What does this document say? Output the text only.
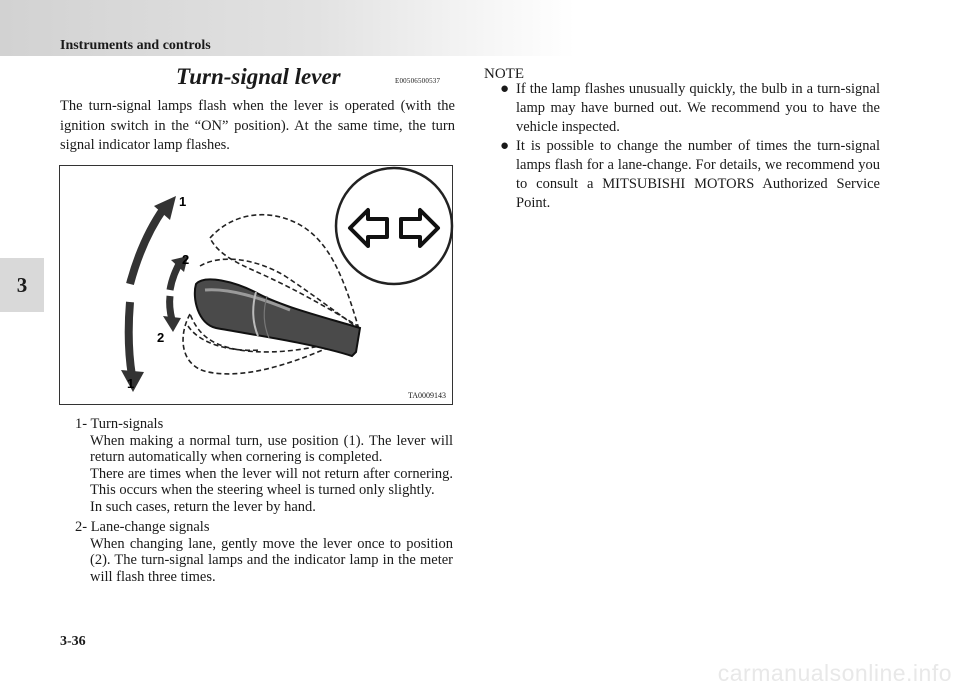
Instruments and controls
3
Turn-signal lever	E00506500537

The turn-signal lamps flash when the lever is operated (with the ignition switch in the “ON” position). At the same time, the turn signal indicator lamp flashes.

1
2
2
1
TA0009143
1- Turn-signals
When making a normal turn, use position (1). The lever will return automatically when cornering is completed.
There are times when the lever will not return after cornering. This occurs when the steering wheel is turned only slightly.
In such cases, return the lever by hand.
2- Lane-change signals
When changing lane, gently move the lever once to position (2). The turn-signal lamps and the indicator lamp in the meter will flash three times.
NOTE
● If the lamp flashes unusually quickly, the bulb in a turn-signal lamp may have burned out. We recommend you to have the vehicle inspected.
● It is possible to change the number of times the turn-signal lamps flash for a lane-change. For details, we recommend you to consult a MITSUBISHI MOTORS Authorized Service Point.
3-36
carmanualsonline.info
